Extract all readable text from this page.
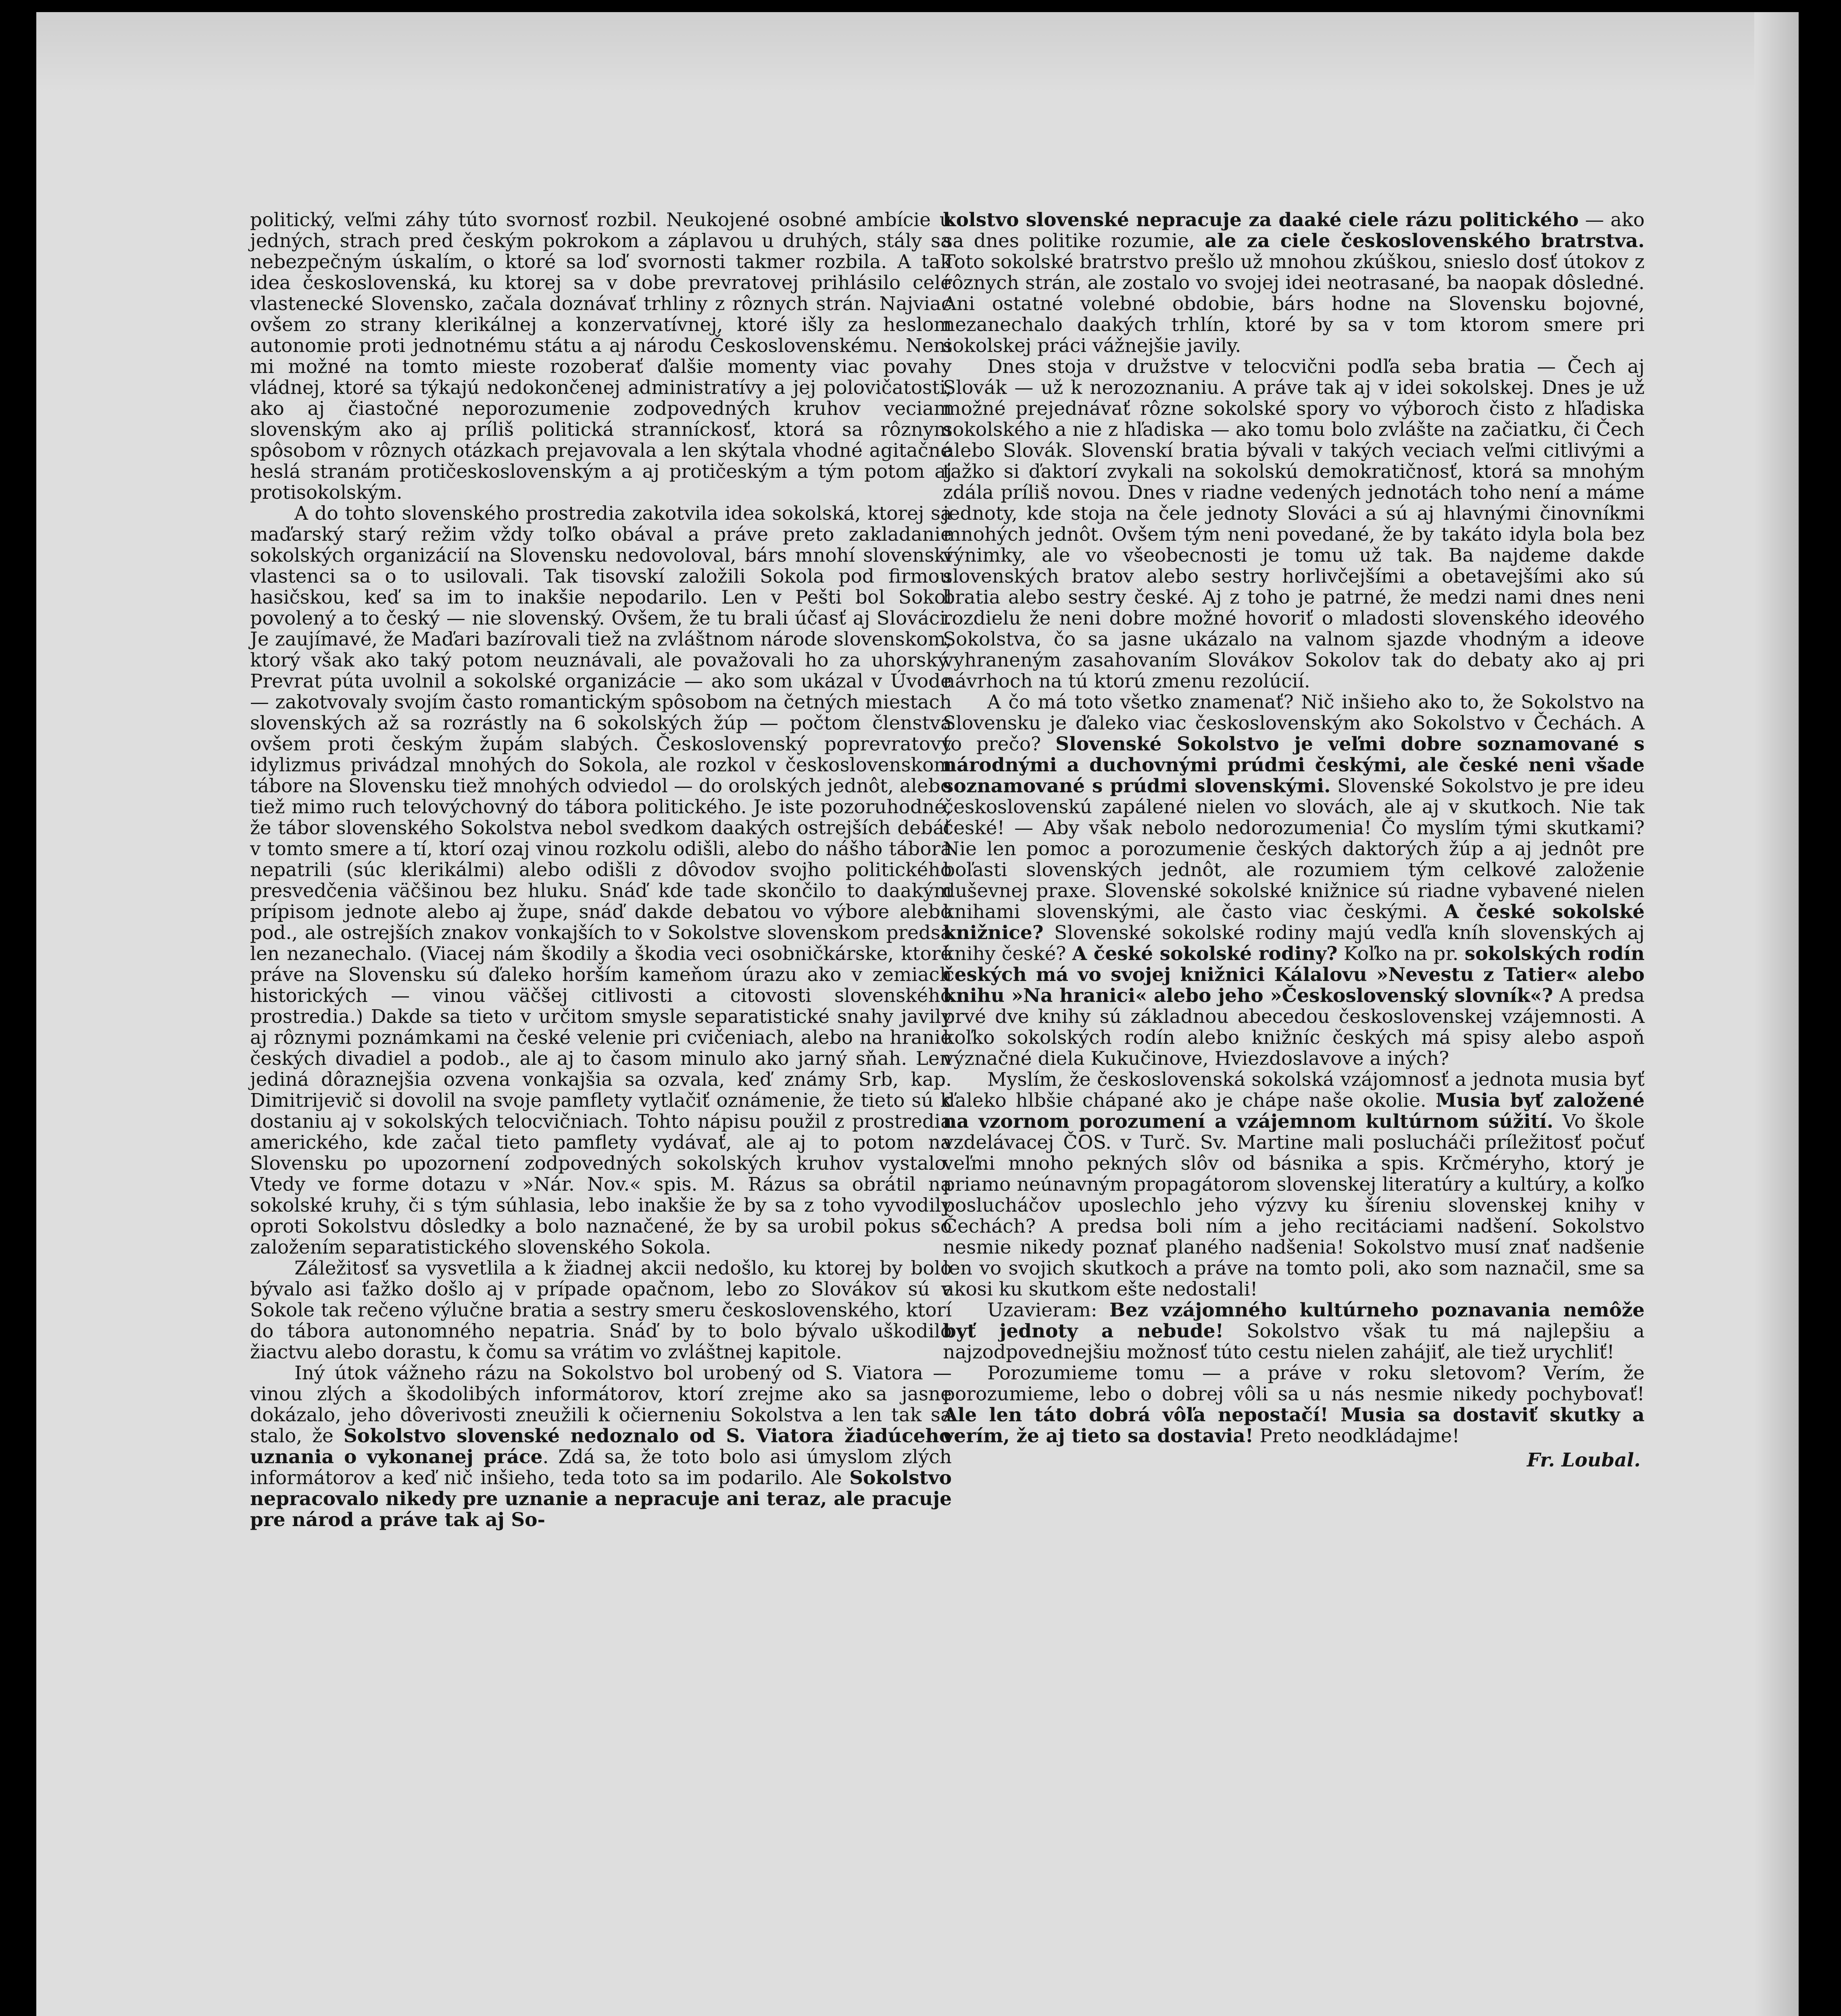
politický, veľmi záhy túto svornosť rozbil. Neukojené osobné ambície u jedných, strach pred českým pokrokom a záplavou u druhých, stály sa nebezpečným úskalím, o ktoré sa loď svornosti takmer rozbila. A tak idea československá, ku ktorej sa v dobe prevratovej prihlásilo celé vlastenecké Slovensko, začala doznávať trhliny z rôznych strán. Najviac ovšem zo strany klerikálnej a konzervatívnej, ktoré išly za heslom autonomie proti jednotnému státu a aj národu Československému. Neni mi možné na tomto mieste rozoberať ďalšie momenty viac povahy vládnej, ktoré sa týkajú nedokončenej administratívy a jej polovičatosti, ako aj čiastočné neporozumenie zodpovedných kruhov veciam slovenským ako aj príliš politická stranníckosť, ktorá sa rôznym spôsobom v rôznych otázkach prejavovala a len skýtala vhodné agitačné heslá stranám protičeskoslovenským a aj protičeským a tým potom aj protisokolským.

A do tohto slovenského prostredia zakotvila idea sokolská, ktorej sa maďarský starý režim vždy toľko obával a práve preto zakladanie sokolských organizácií na Slovensku nedovoloval, bárs mnohí slovenskí vlastenci sa o to usilovali. Tak tisovskí založili Sokola pod firmou hasičskou, keď sa im to inakšie nepodarilo. Len v Pešti bol Sokol povolený a to český — nie slovenský. Ovšem, že tu brali účasť aj Slováci. Je zaujímavé, že Maďari bazírovali tiež na zvláštnom národe slovenskom, ktorý však ako taký potom neuznávali, ale považovali ho za uhorský. Prevrat púta uvolnil a sokolské organizácie — ako som ukázal v Úvode — zakotvovaly svojím často romantickým spôsobom na četných miestach slovenských až sa rozrástly na 6 sokolských žúp — počtom členstva ovšem proti českým župám slabých. Československý poprevratový idylizmus privádzal mnohých do Sokola, ale rozkol v československom tábore na Slovensku tiež mnohých odviedol — do orolských jednôt, alebo tiež mimo ruch telovýchovný do tábora politického. Je iste pozoruhodné, že tábor slovenského Sokolstva nebol svedkom daakých ostrejších debát v tomto smere a tí, ktorí ozaj vinou rozkolu odišli, alebo do nášho tábora nepatrili (súc klerikálmi) alebo odišli z dôvodov svojho politického presvedčenia väčšinou bez hluku. Snáď kde tade skončilo to daakým prípisom jednote alebo aj župe, snáď dakde debatou vo výbore alebo pod., ale ostrejších znakov vonkajších to v Sokolstve slovenskom predsa len nezanechalo. (Viacej nám škodily a škodia veci osobničkárske, ktoré práve na Slovensku sú ďaleko horším kameňom úrazu ako v zemiach historických — vinou väčšej citlivosti a citovosti slovenského prostredia.) Dakde sa tieto v určitom smysle separatistické snahy javily aj rôznymi poznámkami na české velenie pri cvičeniach, alebo na hranie českých divadiel a podob., ale aj to časom minulo ako jarný sňah. Len jediná dôraznejšia ozvena vonkajšia sa ozvala, keď známy Srb, kap. Dimitrijevič si dovolil na svoje pamflety vytlačiť oznámenie, že tieto sú k dostaniu aj v sokolských telocvičniach. Tohto nápisu použil z prostredia amerického, kde začal tieto pamflety vydávať, ale aj to potom na Slovensku po upozornení zodpovedných sokolských kruhov vystalo. Vtedy ve forme dotazu v »Nár. Nov.« spis. M. Rázus sa obrátil na sokolské kruhy, či s tým súhlasia, lebo inakšie že by sa z toho vyvodily oproti Sokolstvu dôsledky a bolo naznačené, že by sa urobil pokus so založením separatistického slovenského Sokola.

Záležitosť sa vysvetlila a k žiadnej akcii nedošlo, ku ktorej by bolo bývalo asi ťažko došlo aj v prípade opačnom, lebo zo Slovákov sú v Sokole tak rečeno výlučne bratia a sestry smeru československého, ktorí do tábora autonomného nepatria. Snáď by to bolo bývalo uškodilo žiactvu alebo dorastu, k čomu sa vrátim vo zvláštnej kapitole.

Iný útok vážneho rázu na Sokolstvo bol urobený od S. Viatora — vinou zlých a škodolibých informátorov, ktorí zrejme ako sa jasne dokázalo, jeho dôverivosti zneužili k očierneniu Sokolstva a len tak sa stalo, že Sokolstvo slovenské nedoznalo od S. Viatora žiadúceho uznania o vykonanej práce. Zdá sa, že toto bolo asi úmyslom zlých informátorov a keď nič inšieho, teda toto sa im podarilo. Ale Sokolstvo nepracovalo nikedy pre uznanie a nepracuje ani teraz, ale pracuje pre národ a práve tak aj So-

kolstvo slovenské nepracuje za daaké ciele rázu politického — ako sa dnes politike rozumie, ale za ciele československého bratrstva. Toto sokolské bratrstvo prešlo už mnohou zkúškou, snieslo dosť útokov z rôznych strán, ale zostalo vo svojej idei neotrasané, ba naopak dôsledné. Ani ostatné volebné obdobie, bárs hodne na Slovensku bojovné, nezanechalo daakých trhlín, ktoré by sa v tom ktorom smere pri sokolskej práci vážnejšie javily.

Dnes stoja v družstve v telocvični podľa seba bratia — Čech aj Slovák — už k nerozoznaniu. A práve tak aj v idei sokolskej. Dnes je už možné prejednávať rôzne sokolské spory vo výboroch čisto z hľadiska sokolského a nie z hľadiska — ako tomu bolo zvlášte na začiatku, či Čech alebo Slovák. Slovenskí bratia bývali v takých veciach veľmi citlivými a ťažko si ďaktorí zvykali na sokolskú demokratičnosť, ktorá sa mnohým zdála príliš novou. Dnes v riadne vedených jednotách toho není a máme jednoty, kde stoja na čele jednoty Slováci a sú aj hlavnými činovníkmi mnohých jednôt. Ovšem tým neni povedané, že by takáto idyla bola bez výnimky, ale vo všeobecnosti je tomu už tak. Ba najdeme dakde slovenských bratov alebo sestry horlivčejšími a obetavejšími ako sú bratia alebo sestry české. Aj z toho je patrné, že medzi nami dnes neni rozdielu že neni dobre možné hovoriť o mladosti slovenského ideového Sokolstva, čo sa jasne ukázalo na valnom sjazde vhodným a ideove vyhraneným zasahovaním Slovákov Sokolov tak do debaty ako aj pri návrhoch na tú ktorú zmenu rezolúcií.

A čo má toto všetko znamenať? Nič inšieho ako to, že Sokolstvo na Slovensku je ďaleko viac československým ako Sokolstvo v Čechách. A to prečo? Slovenské Sokolstvo je veľmi dobre soznamované s národnými a duchovnými prúdmi českými, ale české neni všade soznamované s prúdmi slovenskými. Slovenské Sokolstvo je pre ideu československú zapálené nielen vo slovách, ale aj v skutkoch. Nie tak české! — Aby však nebolo nedorozumenia! Čo myslím tými skutkami? Nie len pomoc a porozumenie českých daktorých žúp a aj jednôt pre boľasti slovenských jednôt, ale rozumiem tým celkové založenie duševnej praxe. Slovenské sokolské knižnice sú riadne vybavené nielen knihami slovenskými, ale často viac českými. A české sokolské knižnice? Slovenské sokolské rodiny majú vedľa kníh slovenských aj knihy české? A české sokolské rodiny? Koľko na pr. sokolských rodín českých má vo svojej knižnici Kálalovu »Nevestu z Tatier« alebo knihu »Na hranici« alebo jeho »Československý slovník«? A predsa prvé dve knihy sú základnou abecedou československej vzájemnosti. A koľko sokolských rodín alebo knižníc českých má spisy alebo aspoň význačné diela Kukučinove, Hviezdoslavove a iných?

Myslím, že československá sokolská vzájomnosť a jednota musia byť ďaleko hlbšie chápané ako je chápe naše okolie. Musia byť založené na vzornom porozumení a vzájemnom kultúrnom súžití. Vo škole vzdelávacej ČOS. v Turč. Sv. Martine mali poslucháči príležitosť počuť veľmi mnoho pekných slôv od básnika a spis. Krčméryho, ktorý je priamo neúnavným propagátorom slovenskej literatúry a kultúry, a koľko poslucháčov uposlechlo jeho výzvy ku šíreniu slovenskej knihy v Čechách? A predsa boli ním a jeho recitáciami nadšení. Sokolstvo nesmie nikedy poznať planého nadšenia! Sokolstvo musí znať nadšenie len vo svojich skutkoch a práve na tomto poli, ako som naznačil, sme sa akosi ku skutkom ešte nedostali!

Uzavieram: Bez vzájomného kultúrneho poznavania nemôže byť jednoty a nebude! Sokolstvo však tu má najlepšiu a najzodpovednejšiu možnosť túto cestu nielen zahájiť, ale tiež urychliť!

Porozumieme tomu — a práve v roku sletovom? Verím, že porozumieme, lebo o dobrej vôli sa u nás nesmie nikedy pochybovať! Ale len táto dobrá vôľa nepostačí! Musia sa dostaviť skutky a verím, že aj tieto sa dostavia! Preto neodkládajme!

Fr. Loubal.
